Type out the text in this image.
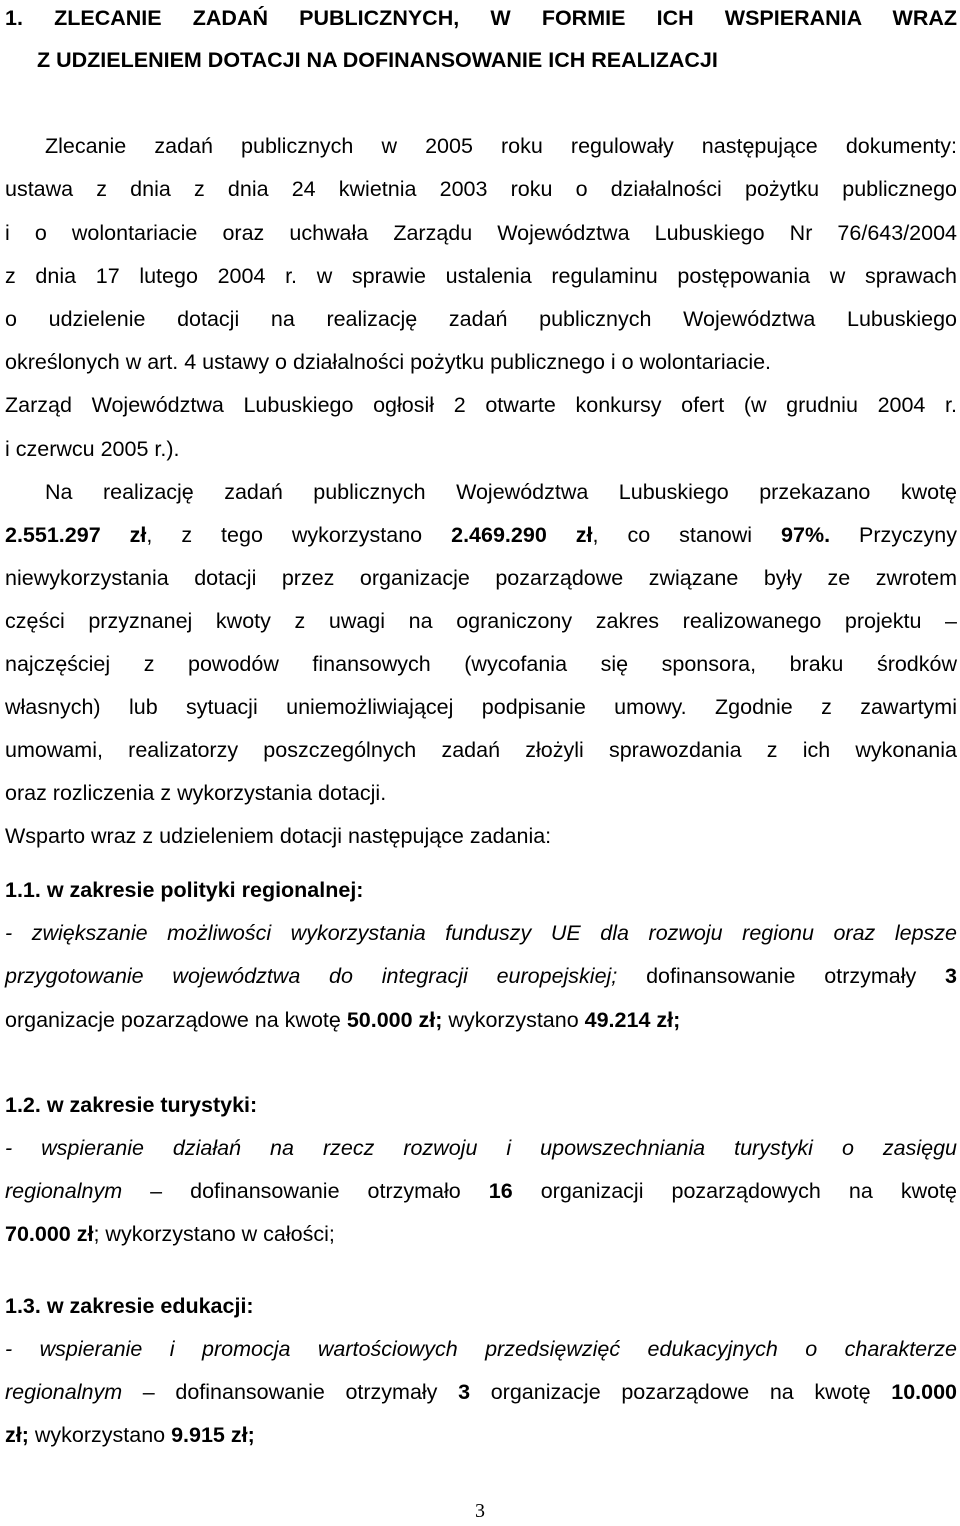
1. ZLECANIE ZADAŃ PUBLICZNYCH, W FORMIE ICH WSPIERANIA WRAZ
Z UDZIELENIEM DOTACJI NA DOFINANSOWANIE ICH REALIZACJI
Zlecanie zadań publicznych w 2005 roku regulowały następujące dokumenty:
ustawa z dnia z dnia 24 kwietnia 2003 roku o działalności pożytku publicznego
i o wolontariacie oraz uchwała Zarządu Województwa Lubuskiego Nr 76/643/2004
z dnia 17 lutego 2004 r. w sprawie ustalenia regulaminu postępowania w sprawach
o udzielenie dotacji na realizację zadań publicznych Województwa Lubuskiego
określonych w art. 4 ustawy o działalności pożytku publicznego i o wolontariacie.
Zarząd Województwa Lubuskiego ogłosił 2 otwarte konkursy ofert (w grudniu 2004 r.
i czerwcu 2005 r.).
Na realizację zadań publicznych Województwa Lubuskiego przekazano kwotę
2.551.297 zł, z tego wykorzystano 2.469.290 zł, co stanowi 97%. Przyczyny
niewykorzystania dotacji przez organizacje pozarządowe związane były ze zwrotem
części przyznanej kwoty z uwagi na ograniczony zakres realizowanego projektu –
najczęściej z powodów finansowych (wycofania się sponsora, braku środków
własnych) lub sytuacji uniemożliwiającej podpisanie umowy. Zgodnie z zawartymi
umowami, realizatorzy poszczególnych zadań złożyli sprawozdania z ich wykonania
oraz rozliczenia z wykorzystania dotacji.
Wsparto wraz z udzieleniem dotacji następujące zadania:
1.1. w zakresie polityki regionalnej:
- zwiększanie możliwości wykorzystania funduszy UE dla rozwoju regionu oraz lepsze
przygotowanie województwa do integracji europejskiej; dofinansowanie otrzymały 3
organizacje pozarządowe na kwotę 50.000 zł; wykorzystano 49.214 zł;
1.2. w zakresie turystyki:
- wspieranie działań na rzecz rozwoju i upowszechniania turystyki o zasięgu
regionalnym – dofinansowanie otrzymało 16 organizacji pozarządowych na kwotę
70.000 zł; wykorzystano w całości;
1.3. w zakresie edukacji:
- wspieranie i promocja wartościowych przedsięwzięć edukacyjnych o charakterze
regionalnym – dofinansowanie otrzymały 3 organizacje pozarządowe na kwotę 10.000
zł; wykorzystano 9.915 zł;
3
